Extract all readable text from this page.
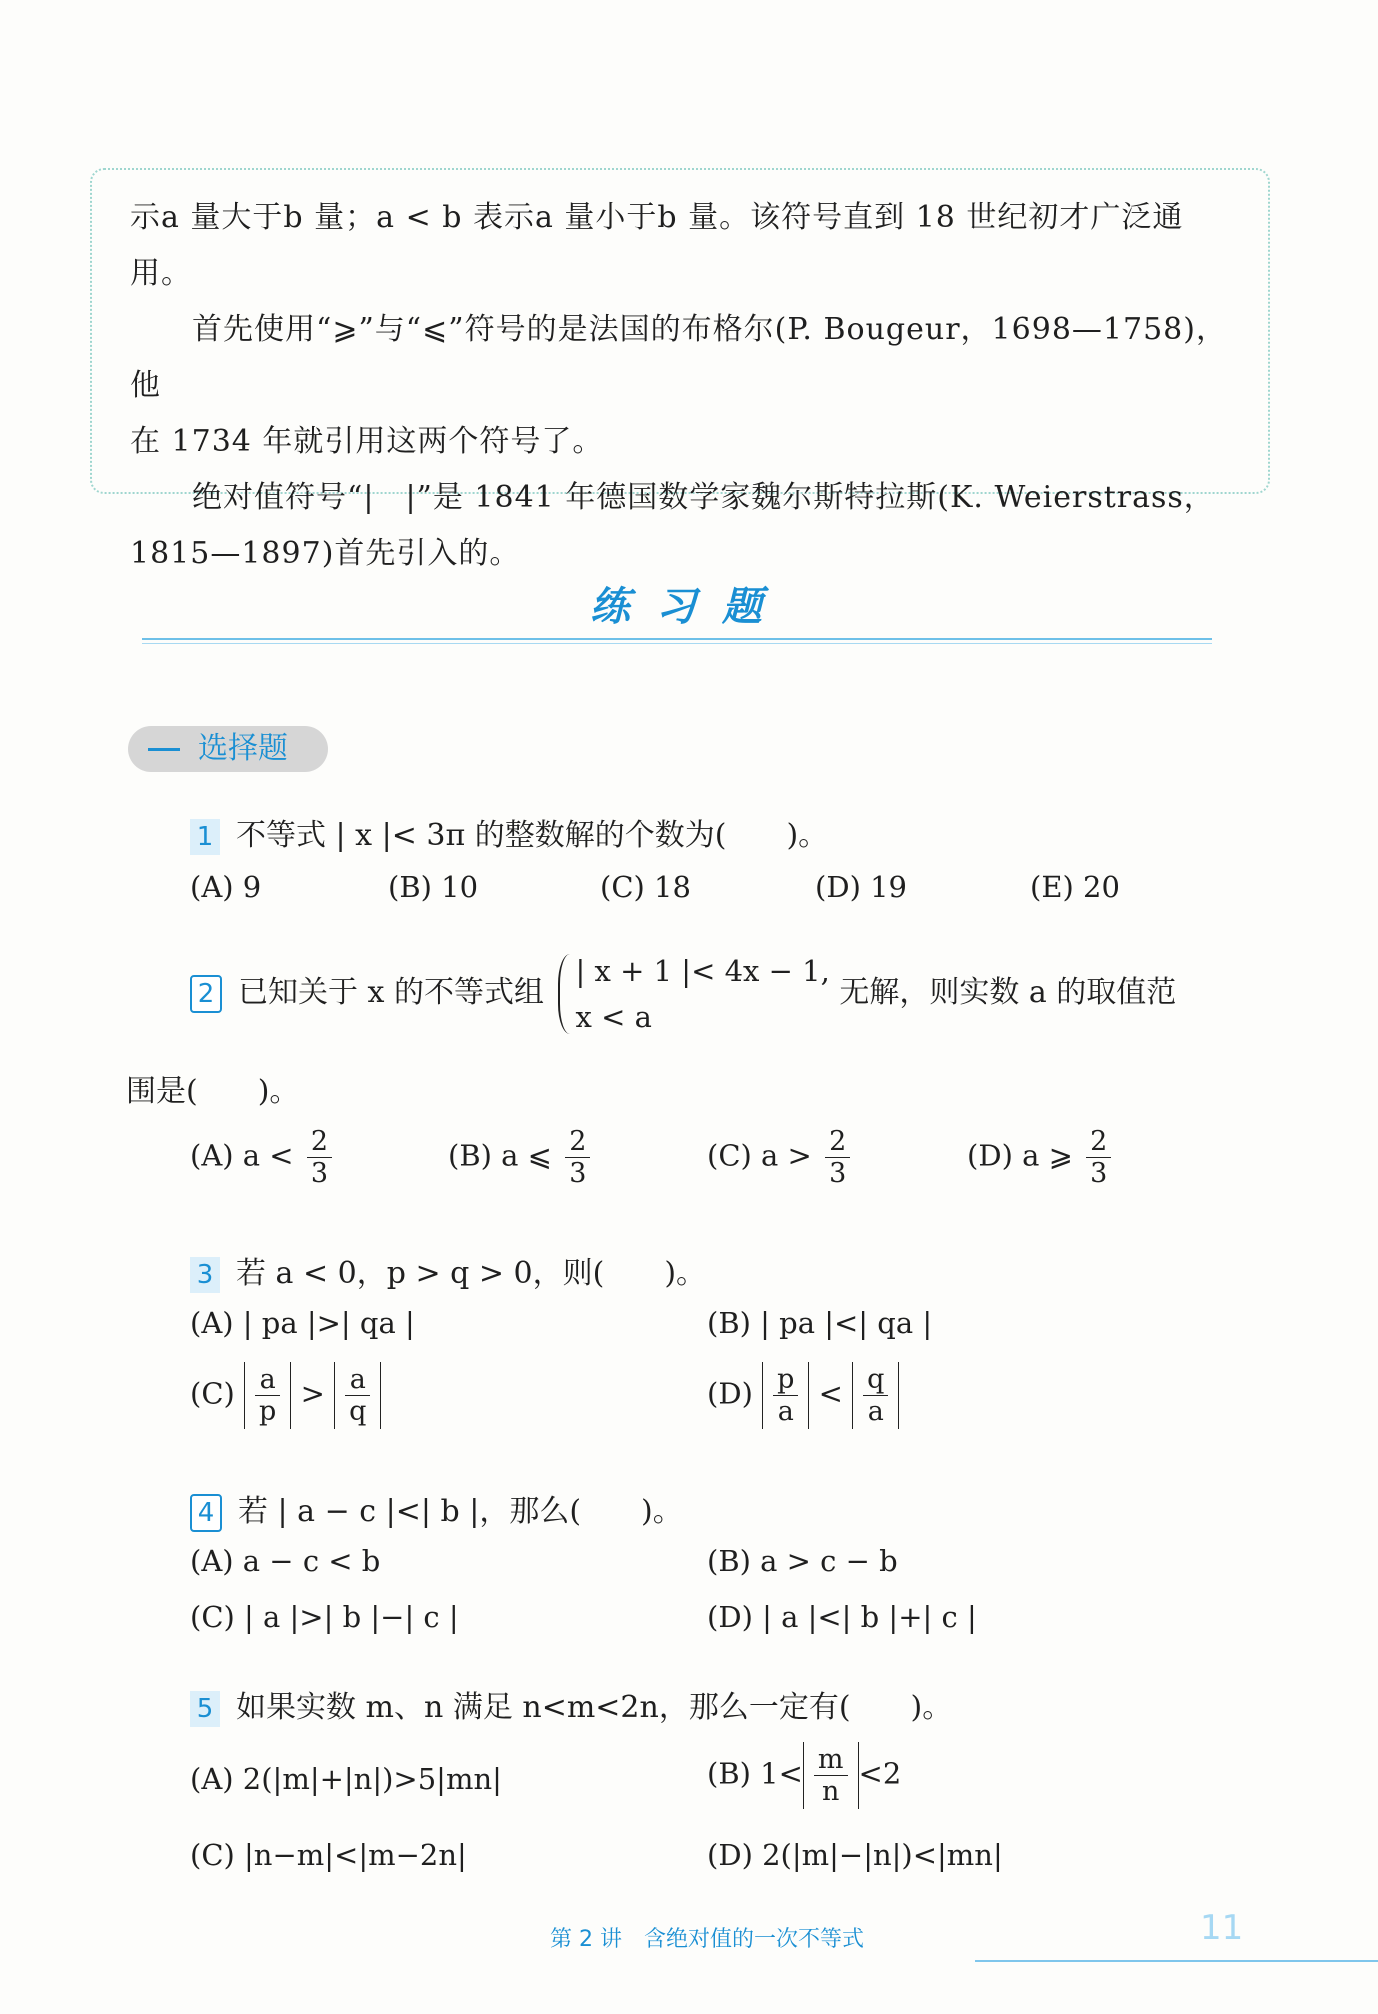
示a 量大于b 量；a < b 表示a 量小于b 量。该符号直到 18 世纪初才广泛通用。

首先使用“⩾”与“⩽”符号的是法国的布格尔(P. Bougeur，1698—1758)，他

在 1734 年就引用这两个符号了。

绝对值符号“|　|”是 1841 年德国数学家魏尔斯特拉斯(K. Weierstrass，

1815—1897)首先引入的。

练习题
选择题
1 不等式 | x |< 3π 的整数解的个数为(　　)。
(A) 9	(B) 10	(C) 18	(D) 19	(E) 20
2 已知关于 x 的不等式组
| x + 1 |< 4x − 1,
x < a
无解，则实数 a 的取值范
围是(　　)。
(A) $a < \frac{2}{3}$	(B) a ⩽ $\frac{2}{3}$	(C) $a > \frac{2}{3}$	(D) a ⩾ $\frac{2}{3}$
3 若 a < 0，p > q > 0，则(　　)。
(A) | pa |>| qa |	(B) | pa |<| qa |
$(C) \frac{a}{p} > \frac{a}{q}$	$(D) \frac{p}{a} < \frac{q}{a}$
4 若 | a − c |<| b |，那么(　　)。
(A) a − c < b	(B) a > c − b
(C) | a |>| b |−| c |	(D) | a |<| b |+| c |
5 如果实数 m、n 满足 n<m<2n，那么一定有(　　)。
(A) 2(|m|+|n|)>5|mn|	(B) $1< \frac{m}{n} <2$
(C) |n−m|<|m−2n|	(D) 2(|m|−|n|)<|mn|
第 2 讲　含绝对值的一次不等式	11
